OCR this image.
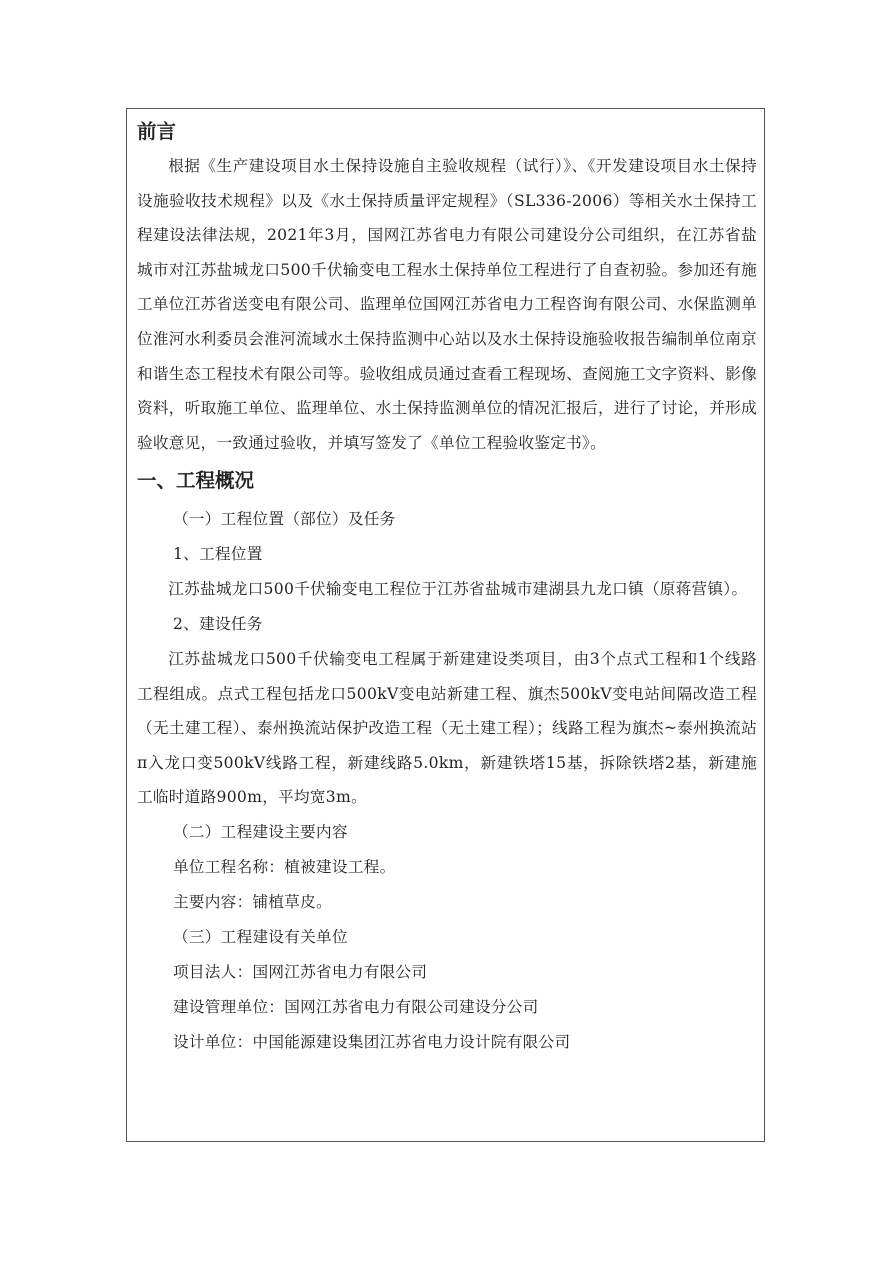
前言

根据《生产建设项目水土保持设施自主验收规程（试行）》、《开发建设项目水土保持设施验收技术规程》以及《水土保持质量评定规程》（SL336-2006）等相关水土保持工程建设法律法规，2021年3月，国网江苏省电力有限公司建设分公司组织，在江苏省盐城市对江苏盐城龙口500千伏输变电工程水土保持单位工程进行了自查初验。参加还有施工单位江苏省送变电有限公司、监理单位国网江苏省电力工程咨询有限公司、水保监测单位淮河水利委员会淮河流域水土保持监测中心站以及水土保持设施验收报告编制单位南京和谐生态工程技术有限公司等。验收组成员通过查看工程现场、查阅施工文字资料、影像资料，听取施工单位、监理单位、水土保持监测单位的情况汇报后，进行了讨论，并形成验收意见，一致通过验收，并填写签发了《单位工程验收鉴定书》。

一、工程概况

（一）工程位置（部位）及任务

1、工程位置

江苏盐城龙口500千伏输变电工程位于江苏省盐城市建湖县九龙口镇（原蒋营镇）。

2、建设任务

江苏盐城龙口500千伏输变电工程属于新建建设类项目，由3个点式工程和1个线路工程组成。点式工程包括龙口500kV变电站新建工程、旗杰500kV变电站间隔改造工程（无土建工程）、泰州换流站保护改造工程（无土建工程）；线路工程为旗杰~泰州换流站π入龙口变500kV线路工程，新建线路5.0km，新建铁塔15基，拆除铁塔2基，新建施工临时道路900m，平均宽3m。

（二）工程建设主要内容

单位工程名称：植被建设工程。

主要内容：铺植草皮。

（三）工程建设有关单位

项目法人：国网江苏省电力有限公司

建设管理单位：国网江苏省电力有限公司建设分公司

设计单位：中国能源建设集团江苏省电力设计院有限公司
